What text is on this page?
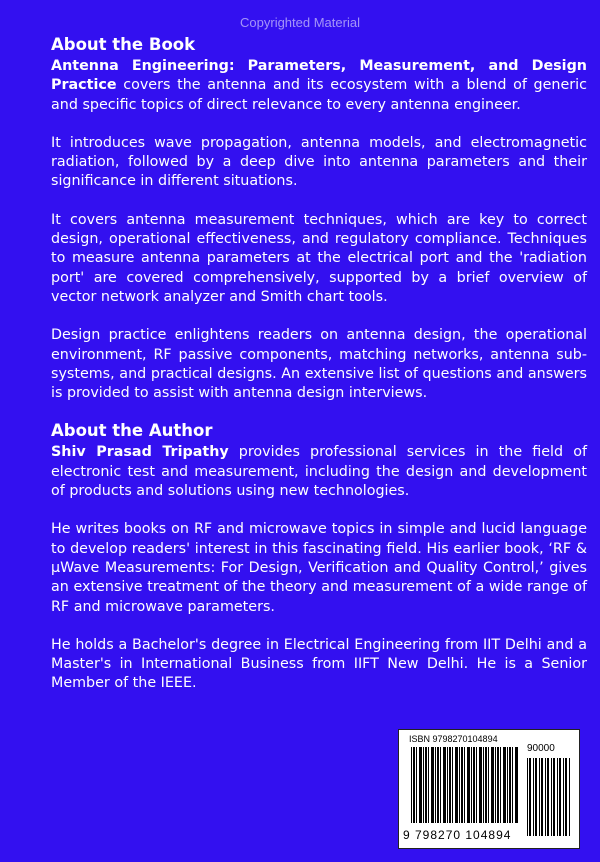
Copyrighted Material
About the Book

Antenna Engineering: Parameters, Measurement, and Design Practice covers the antenna and its ecosystem with a blend of generic and specific topics of direct relevance to every antenna engineer.

It introduces wave propagation, antenna models, and electromagnetic radiation, followed by a deep dive into antenna parameters and their significance in different situations.

It covers antenna measurement techniques, which are key to correct design, operational effectiveness, and regulatory compliance. Techniques to measure antenna parameters at the electrical port and the 'radiation port' are covered comprehensively, supported by a brief overview of vector network analyzer and Smith chart tools.

Design practice enlightens readers on antenna design, the operational environment, RF passive components, matching networks, antenna sub-systems, and practical designs. An extensive list of questions and answers is provided to assist with antenna design interviews.

About the Author

Shiv Prasad Tripathy provides professional services in the field of electronic test and measurement, including the design and development of products and solutions using new technologies.

He writes books on RF and microwave topics in simple and lucid language to develop readers' interest in this fascinating field. His earlier book, ‘RF & µWave Measurements: For Design, Verification and Quality Control,’ gives an extensive treatment of the theory and measurement of a wide range of RF and microwave parameters.

He holds a Bachelor's degree in Electrical Engineering from IIT Delhi and a Master's in International Business from IIFT New Delhi. He is a Senior Member of the IEEE.

ISBN 9798270104894
90000
9 798270 104894
